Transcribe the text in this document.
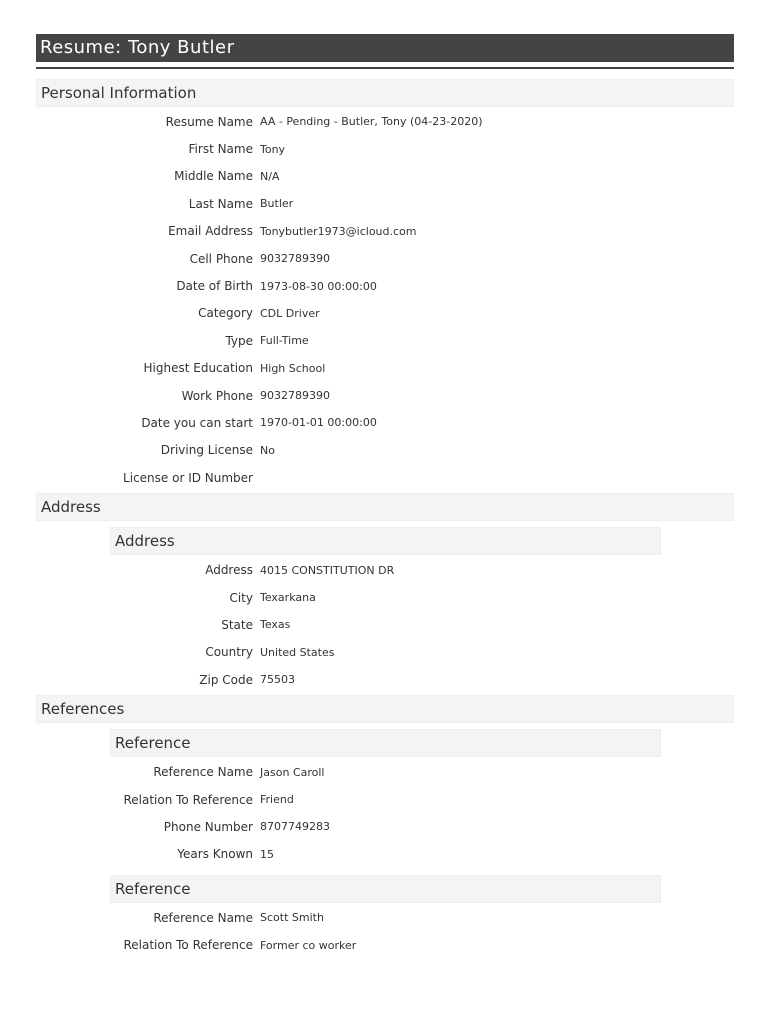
Resume: Tony Butler
Personal Information
Resume Name AA - Pending - Butler, Tony (04-23-2020)
First Name Tony
Middle Name N/A
Last Name Butler
Email Address Tonybutler1973@icloud.com
Cell Phone 9032789390
Date of Birth 1973-08-30 00:00:00
Category CDL Driver
Type Full-Time
Highest Education High School
Work Phone 9032789390
Date you can start 1970-01-01 00:00:00
Driving License No
License or ID Number
Address
Address
Address 4015 CONSTITUTION DR
City Texarkana
State Texas
Country United States
Zip Code 75503
References
Reference
Reference Name Jason Caroll
Relation To Reference Friend
Phone Number 8707749283
Years Known 15
Reference
Reference Name Scott Smith
Relation To Reference Former co worker
